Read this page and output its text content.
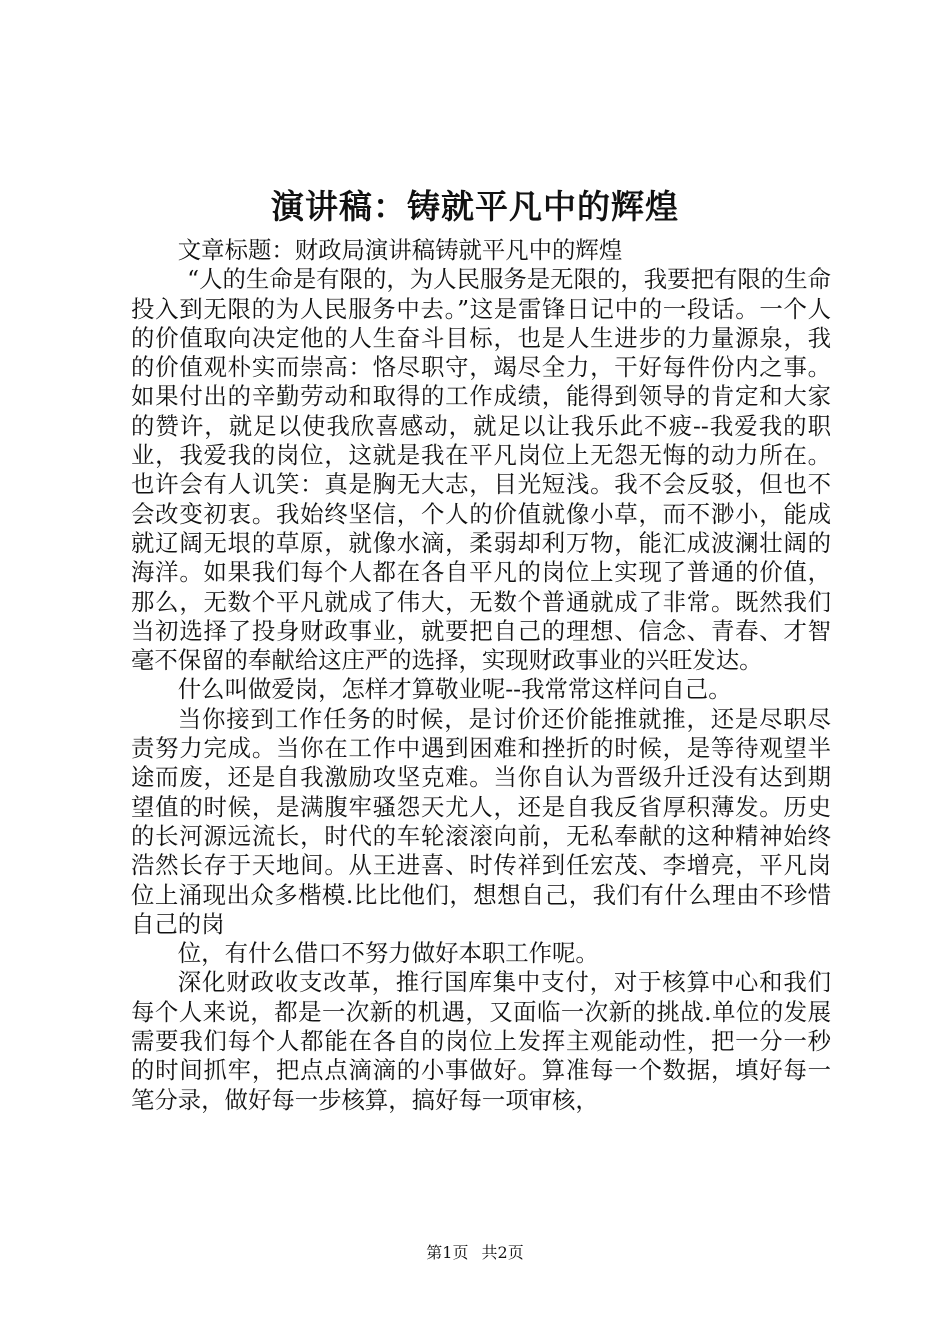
演讲稿：铸就平凡中的辉煌

文章标题：财政局演讲稿铸就平凡中的辉煌

“人的生命是有限的，为人民服务是无限的，我要把有限的生命投入到无限的为人民服务中去。”这是雷锋日记中的一段话。一个人的价值取向决定他的人生奋斗目标，也是人生进步的力量源泉，我的价值观朴实而崇高：恪尽职守，竭尽全力，干好每件份内之事。如果付出的辛勤劳动和取得的工作成绩，能得到领导的肯定和大家的赞许，就足以使我欣喜感动，就足以让我乐此不疲--我爱我的职业，我爱我的岗位，这就是我在平凡岗位上无怨无悔的动力所在。也许会有人讥笑：真是胸无大志，目光短浅。我不会反驳，但也不会改变初衷。我始终坚信，个人的价值就像小草，而不渺小，能成就辽阔无垠的草原，就像水滴，柔弱却利万物，能汇成波澜壮阔的海洋。如果我们每个人都在各自平凡的岗位上实现了普通的价值，那么，无数个平凡就成了伟大，无数个普通就成了非常。既然我们当初选择了投身财政事业，就要把自己的理想、信念、青春、才智毫不保留的奉献给这庄严的选择，实现财政事业的兴旺发达。

什么叫做爱岗，怎样才算敬业呢--我常常这样问自己。

当你接到工作任务的时候，是讨价还价能推就推，还是尽职尽责努力完成。当你在工作中遇到困难和挫折的时候，是等待观望半途而废，还是自我激励攻坚克难。当你自认为晋级升迁没有达到期望值的时候，是满腹牢骚怨天尤人，还是自我反省厚积薄发。历史的长河源远流长，时代的车轮滚滚向前，无私奉献的这种精神始终浩然长存于天地间。从王进喜、时传祥到任宏茂、李增亮，平凡岗位上涌现出众多楷模.比比他们，想想自己，我们有什么理由不珍惜自己的岗

位，有什么借口不努力做好本职工作呢。

深化财政收支改革，推行国库集中支付，对于核算中心和我们每个人来说，都是一次新的机遇，又面临一次新的挑战.单位的发展需要我们每个人都能在各自的岗位上发挥主观能动性，把一分一秒的时间抓牢，把点点滴滴的小事做好。算准每一个数据，填好每一笔分录，做好每一步核算，搞好每一项审核，

第1页 共2页
